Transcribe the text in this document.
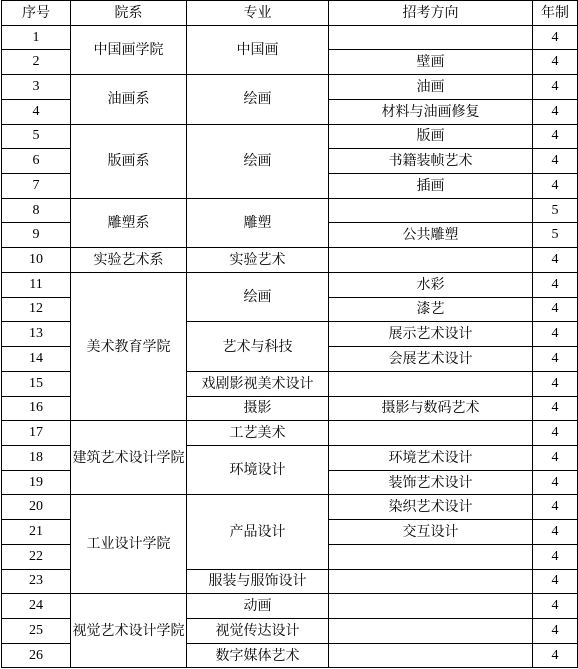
序号	院系	专业	招考方向	年制
1	中国画学院	中国画		4
2			壁画	4
3	油画系	绘画	油画	4
4			材料与油画修复	4
5	版画系	绘画	版画	4
6			书籍装帧艺术	4
7			插画	4
8	雕塑系	雕塑		5
9			公共雕塑	5
10	实验艺术系	实验艺术		4
11	美术教育学院	绘画	水彩	4
12			漆艺	4
13		艺术与科技	展示艺术设计	4
14			会展艺术设计	4
15		戏剧影视美术设计		4
16		摄影	摄影与数码艺术	4
17	建筑艺术设计学院	工艺美术		4
18		环境设计	环境艺术设计	4
19			装饰艺术设计	4
20	工业设计学院	产品设计	染织艺术设计	4
21			交互设计	4
22				4
23		服装与服饰设计		4
24	视觉艺术设计学院	动画		4
25		视觉传达设计		4
26		数字媒体艺术		4
